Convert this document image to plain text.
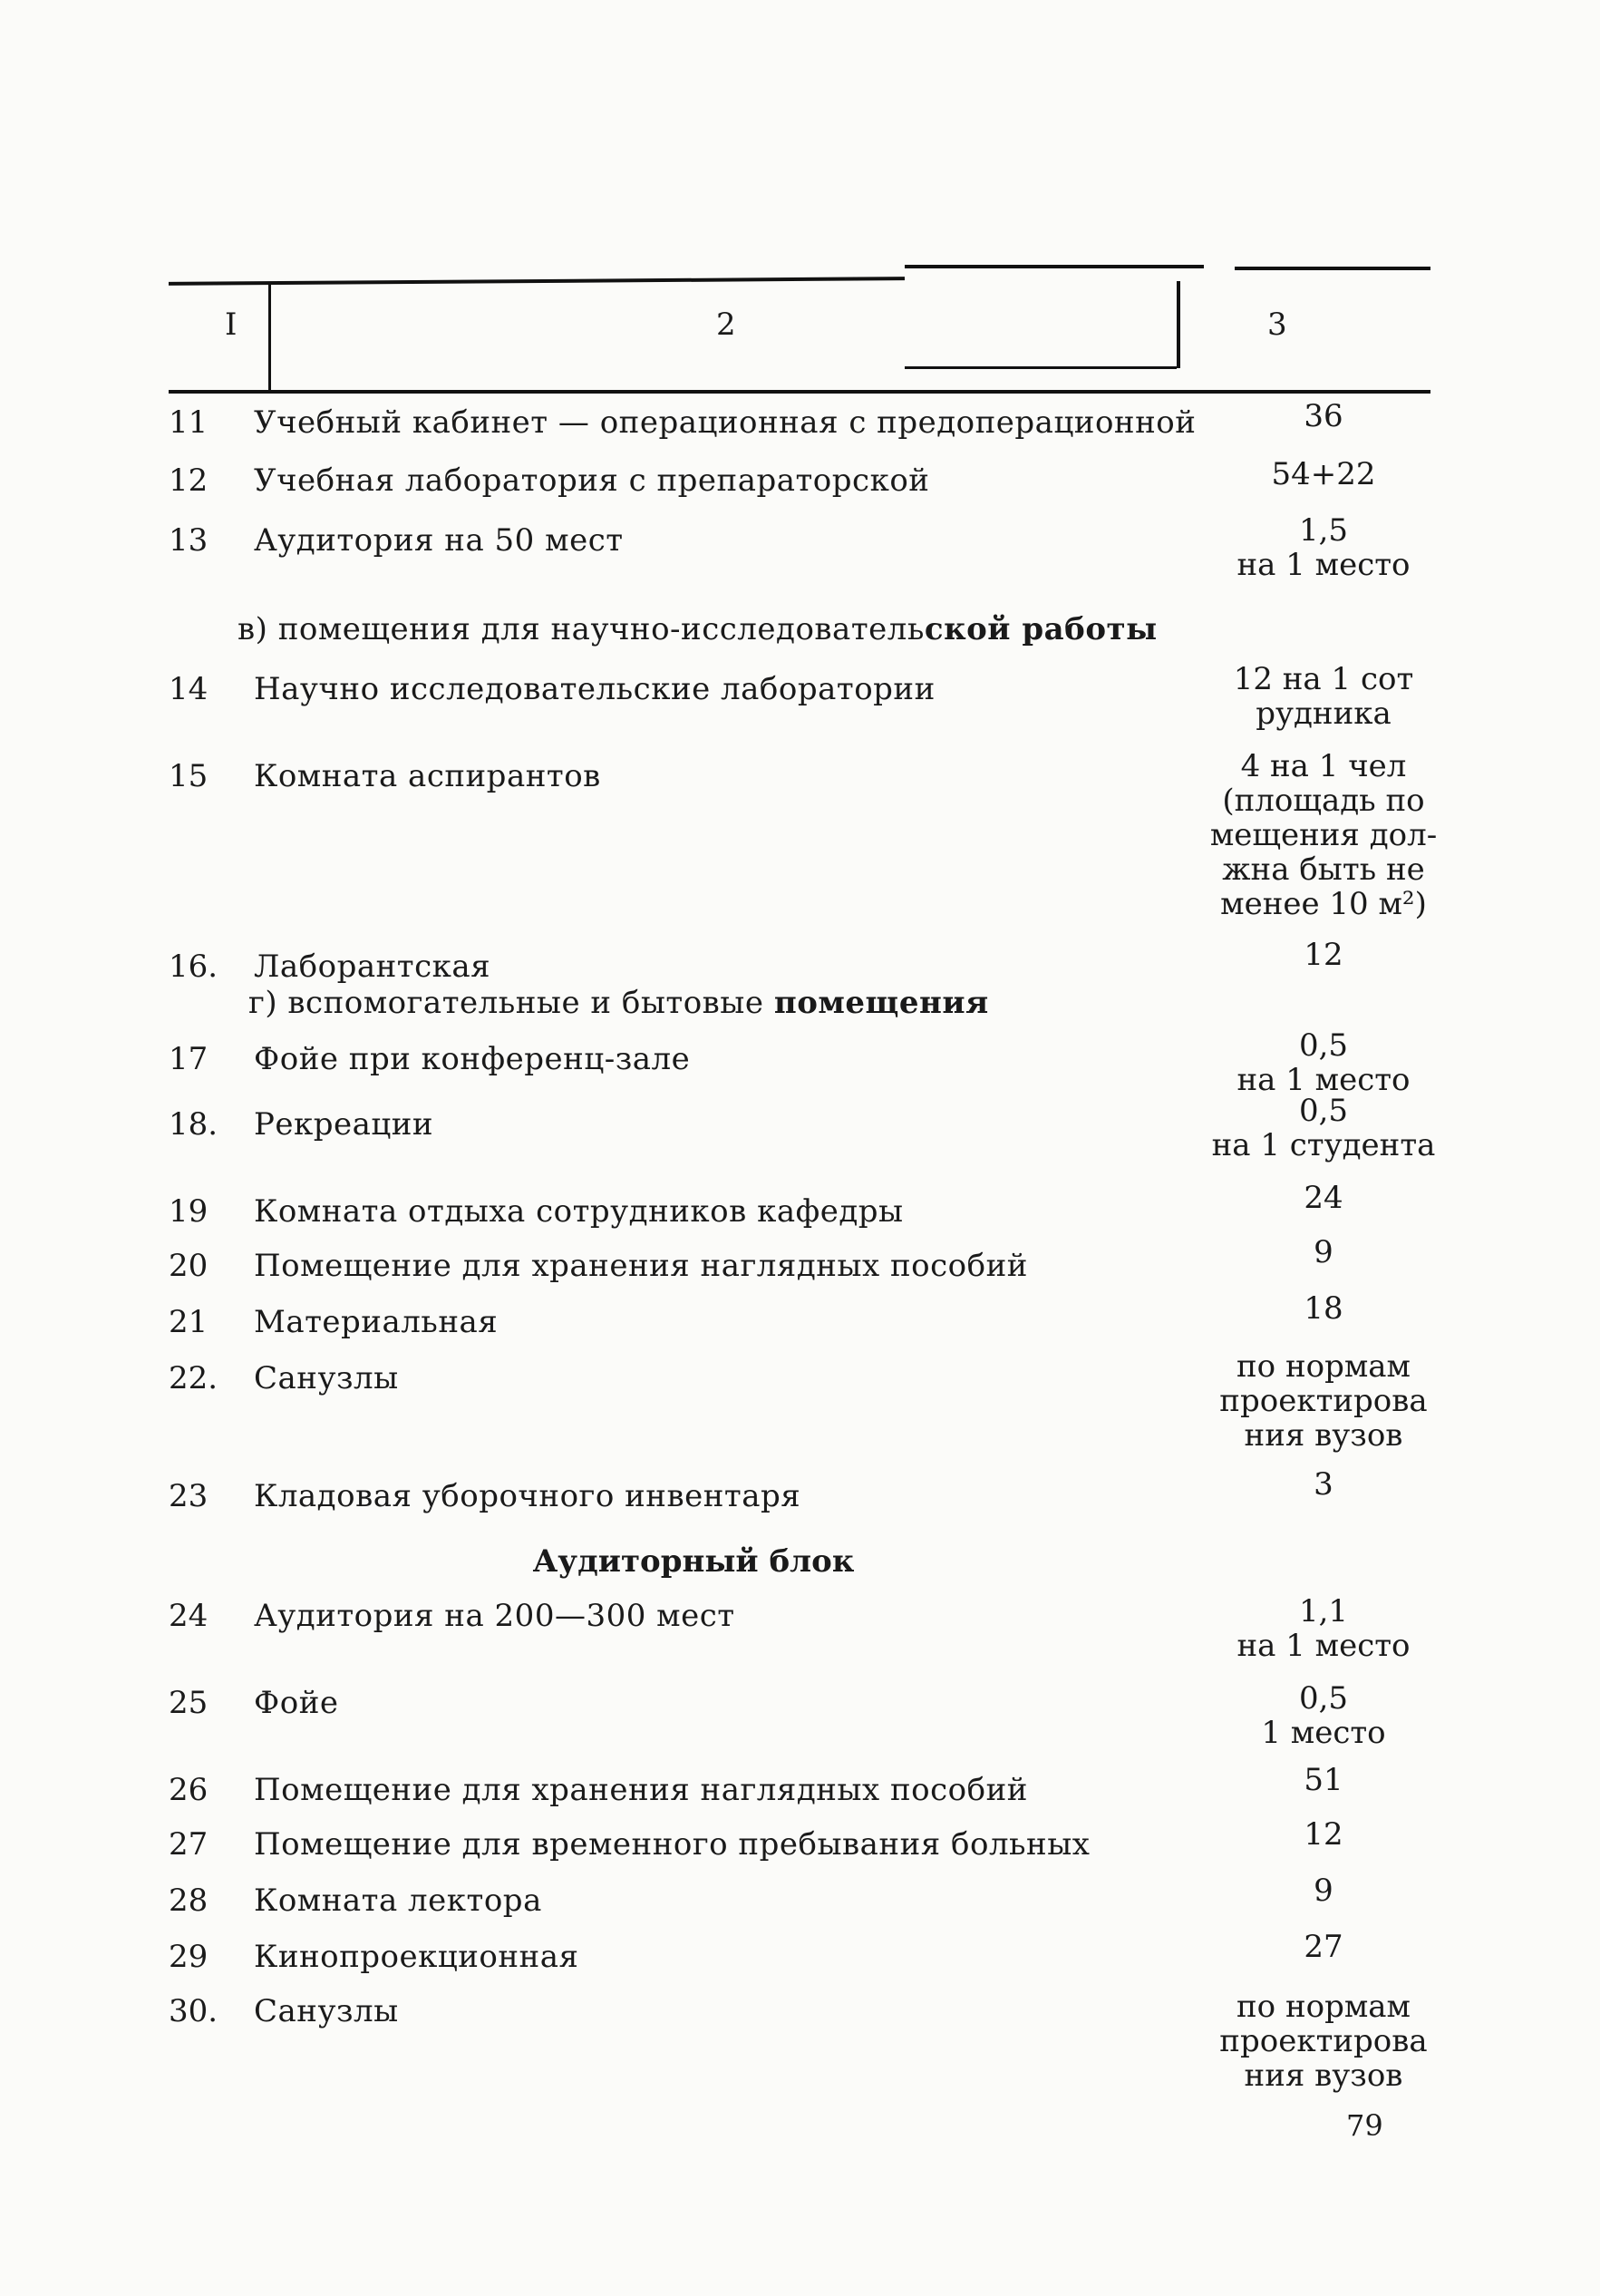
I	2	3
11	Учебный кабинет — операционная с предоперационной	36
12	Учебная лаборатория с препараторской	54+22
13	Аудитория на 50 мест	1,5
на 1 место
в) помещения для научно-исследовательской работы
14	Научно исследовательские лаборатории	12 на 1 сот
рудника
15	Комната аспирантов	4 на 1 чел
(площадь по
мещения дол-
жна быть не
менее 10 м²)
16.	Лаборантская	12
г) вспомогательные и бытовые помещения
17	Фойе при конференц-зале	0,5
на 1 место
18.	Рекреации	0,5
на 1 студента
19	Комната отдыха сотрудников кафедры	24
20	Помещение для хранения наглядных пособий	9
21	Материальная	18
22.	Санузлы	по нормам
проектирова
ния вузов
23	Кладовая уборочного инвентаря	3
Аудиторный блок
24	Аудитория на 200—300 мест	1,1
на 1 место
25	Фойе	0,5
1 место
26	Помещение для хранения наглядных пособий	51
27	Помещение для временного пребывания больных	12
28	Комната лектора	9
29	Кинопроекционная	27
30.	Санузлы	по нормам
проектирова
ния вузов
79
